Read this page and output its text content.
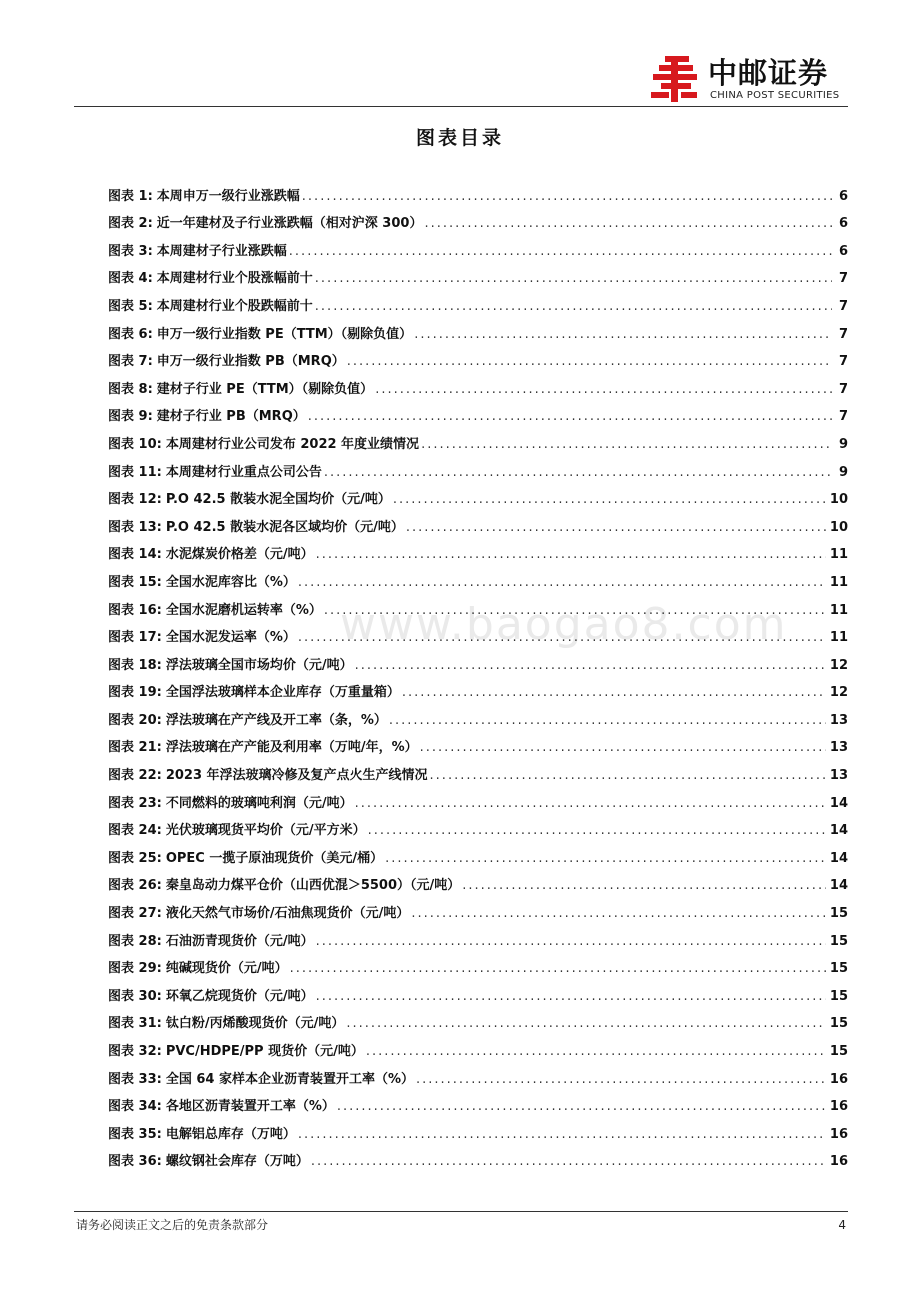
中邮证券
CHINA POST SECURITIES
图表目录
www.baogao8.com
图表 1: 本周申万一级行业涨跌幅 .....	6
图表 2: 近一年建材及子行业涨跌幅（相对沪深 300） .....	6
图表 3: 本周建材子行业涨跌幅 .....	6
图表 4: 本周建材行业个股涨幅前十 .....	7
图表 5: 本周建材行业个股跌幅前十 .....	7
图表 6: 申万一级行业指数 PE（TTM）（剔除负值） .....	7
图表 7: 申万一级行业指数 PB（MRQ） .....	7
图表 8: 建材子行业 PE（TTM）（剔除负值） .....	7
图表 9: 建材子行业 PB（MRQ） .....	7
图表 10: 本周建材行业公司发布 2022 年度业绩情况 .....	9
图表 11: 本周建材行业重点公司公告 .....	9
图表 12: P.O 42.5 散装水泥全国均价（元/吨） .....	10
图表 13: P.O 42.5 散装水泥各区域均价（元/吨） .....	10
图表 14: 水泥煤炭价格差（元/吨） .....	11
图表 15: 全国水泥库容比（%） .....	11
图表 16: 全国水泥磨机运转率（%） .....	11
图表 17: 全国水泥发运率（%） .....	11
图表 18: 浮法玻璃全国市场均价（元/吨） .....	12
图表 19: 全国浮法玻璃样本企业库存（万重量箱） .....	12
图表 20: 浮法玻璃在产产线及开工率（条，%） .....	13
图表 21: 浮法玻璃在产产能及利用率（万吨/年，%） .....	13
图表 22: 2023 年浮法玻璃冷修及复产点火生产线情况 .....	13
图表 23: 不同燃料的玻璃吨利润（元/吨） .....	14
图表 24: 光伏玻璃现货平均价（元/平方米） .....	14
图表 25: OPEC 一揽子原油现货价（美元/桶） .....	14
图表 26: 秦皇岛动力煤平仓价（山西优混＞5500）（元/吨） .....	14
图表 27: 液化天然气市场价/石油焦现货价（元/吨） .....	15
图表 28: 石油沥青现货价（元/吨） .....	15
图表 29: 纯碱现货价（元/吨） .....	15
图表 30: 环氧乙烷现货价（元/吨） .....	15
图表 31: 钛白粉/丙烯酸现货价（元/吨） .....	15
图表 32: PVC/HDPE/PP 现货价（元/吨） .....	15
图表 33: 全国 64 家样本企业沥青装置开工率（%） .....	16
图表 34: 各地区沥青装置开工率（%） .....	16
图表 35: 电解铝总库存（万吨） .....	16
图表 36: 螺纹钢社会库存（万吨） .....	16
请务必阅读正文之后的免责条款部分	4
